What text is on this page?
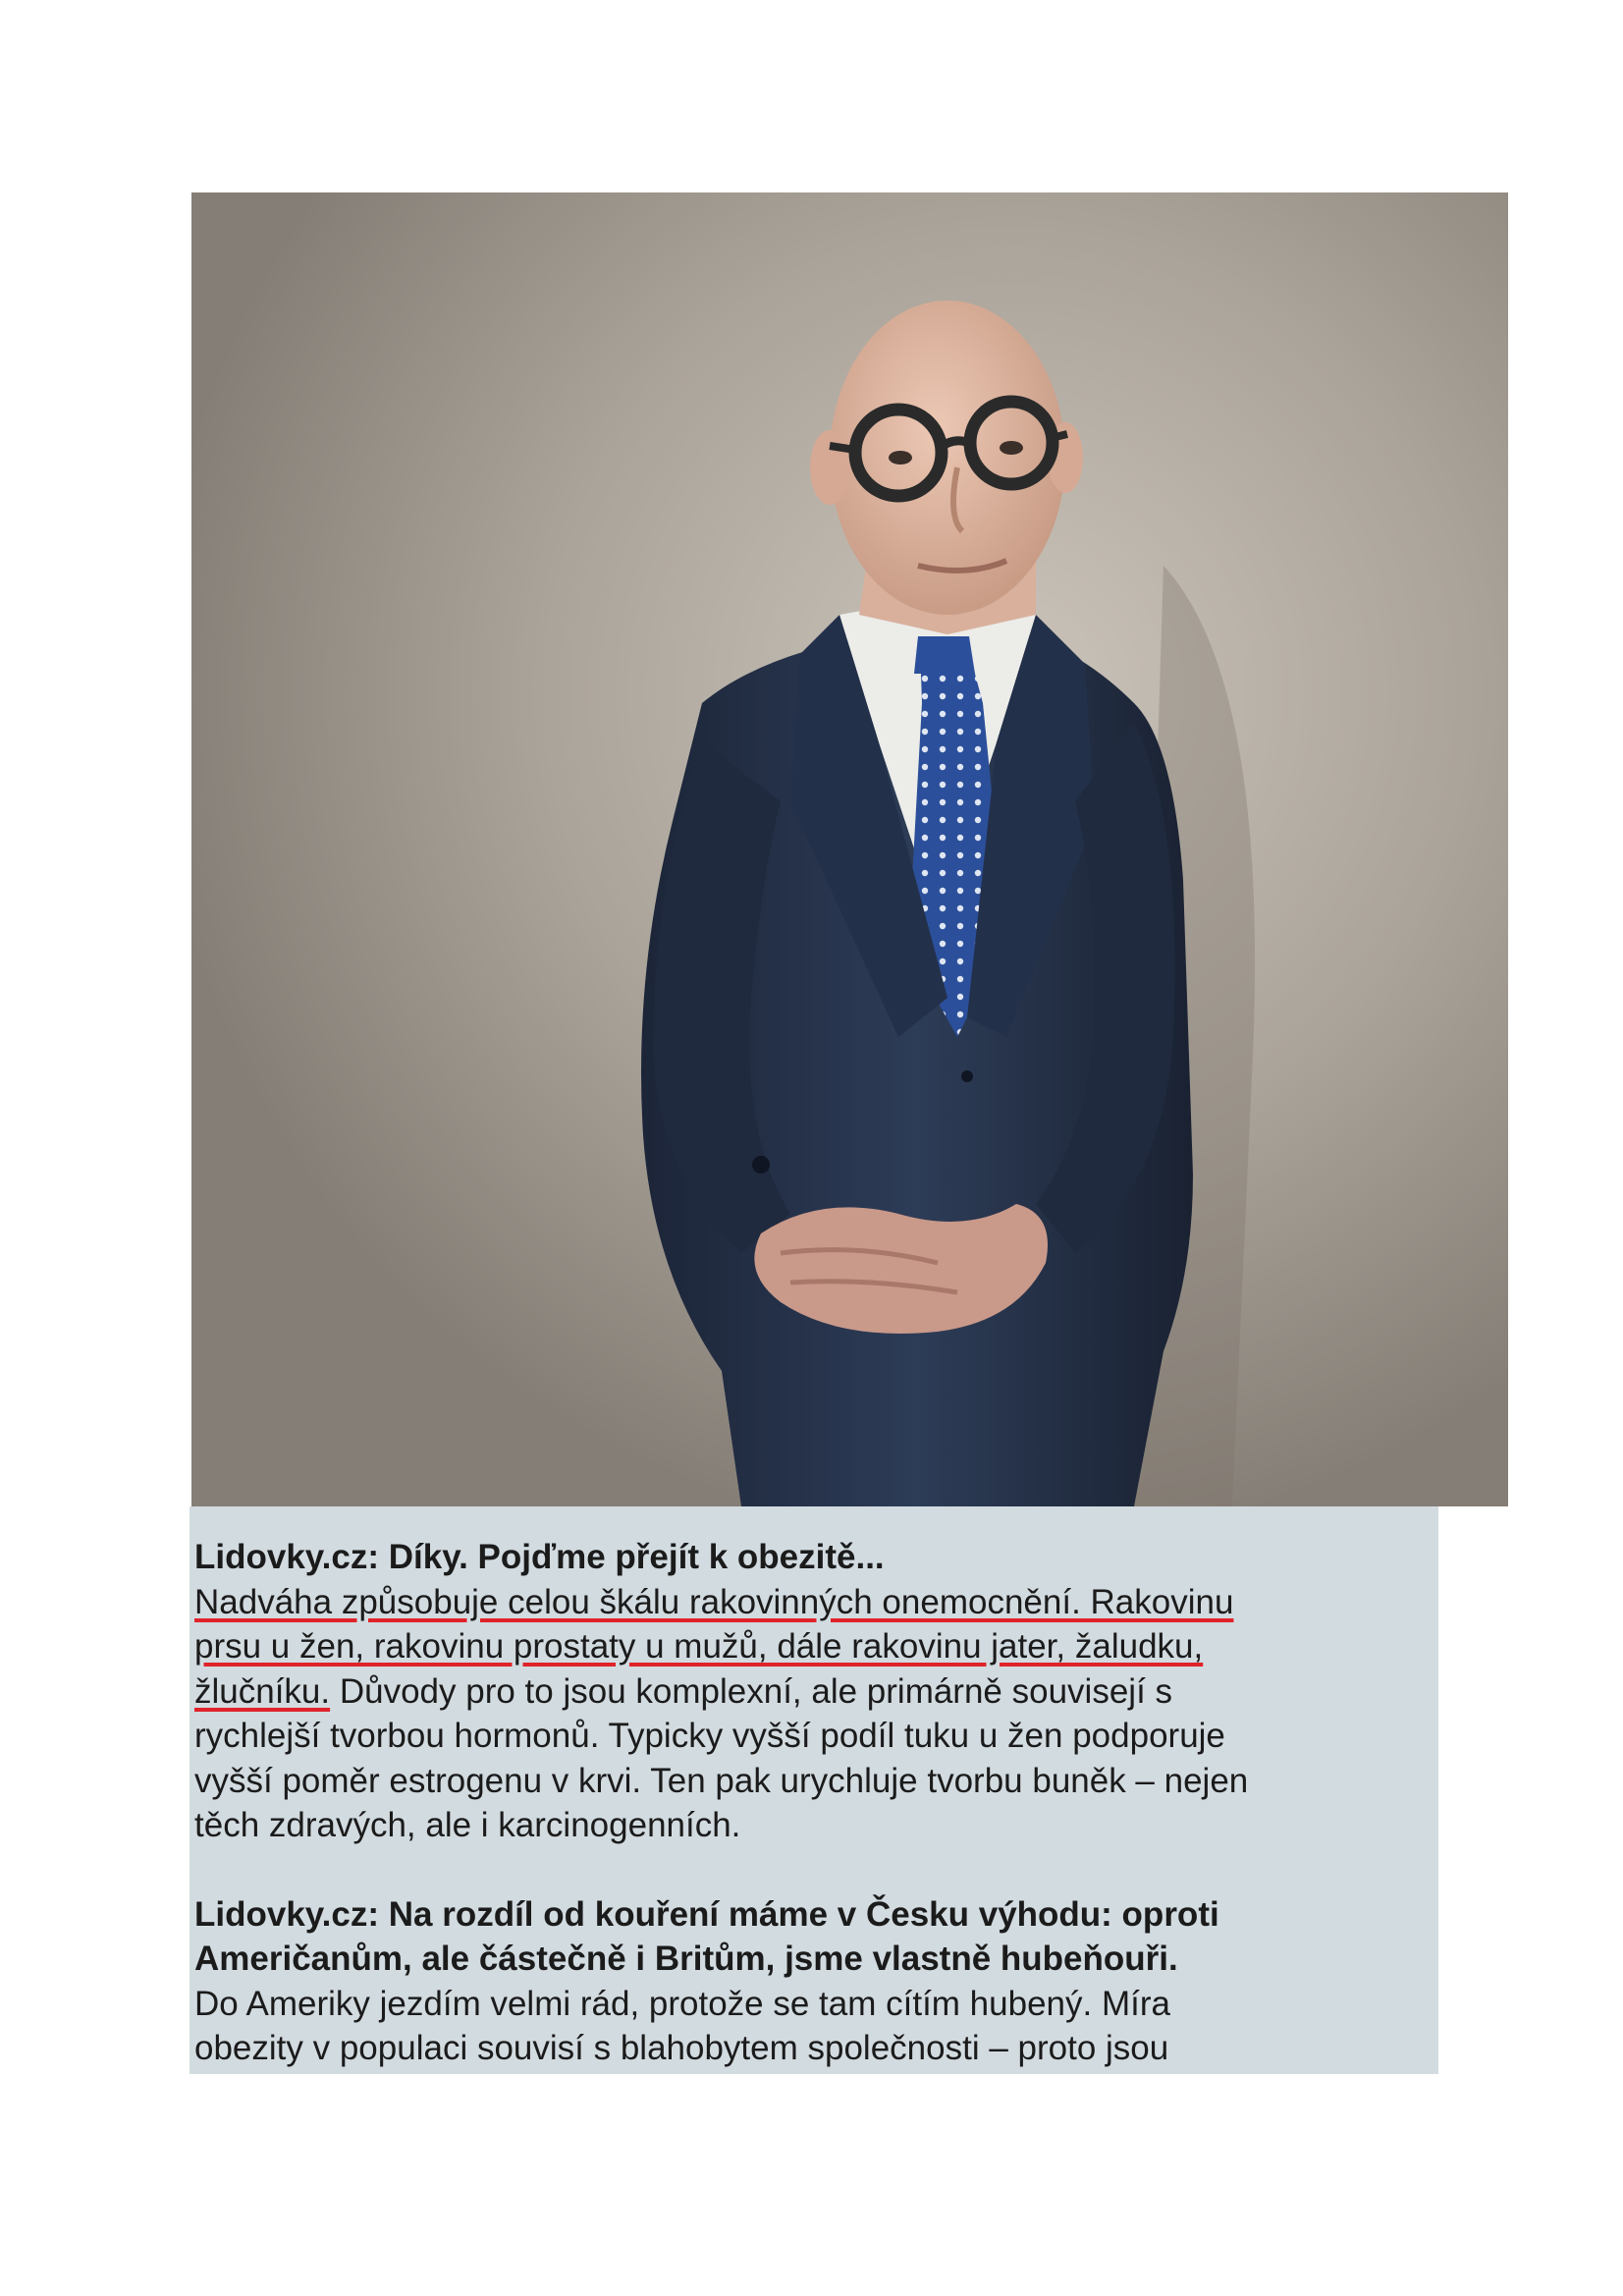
Lidovky.cz: Díky. Pojďme přejít k obezitě...

Nadváha způsobuje celou škálu rakovinných onemocnění. Rakovinu
prsu u žen, rakovinu prostaty u mužů, dále rakovinu jater, žaludku,
žlučníku. Důvody pro to jsou komplexní, ale primárně souvisejí s
rychlejší tvorbou hormonů. Typicky vyšší podíl tuku u žen podporuje
vyšší poměr estrogenu v krvi. Ten pak urychluje tvorbu buněk – nejen
těch zdravých, ale i karcinogenních.

Lidovky.cz: Na rozdíl od kouření máme v Česku výhodu: oproti
Američanům, ale částečně i Britům, jsme vlastně hubeňouři.

Do Ameriky jezdím velmi rád, protože se tam cítím hubený. Míra
obezity v populaci souvisí s blahobytem společnosti – proto jsou
